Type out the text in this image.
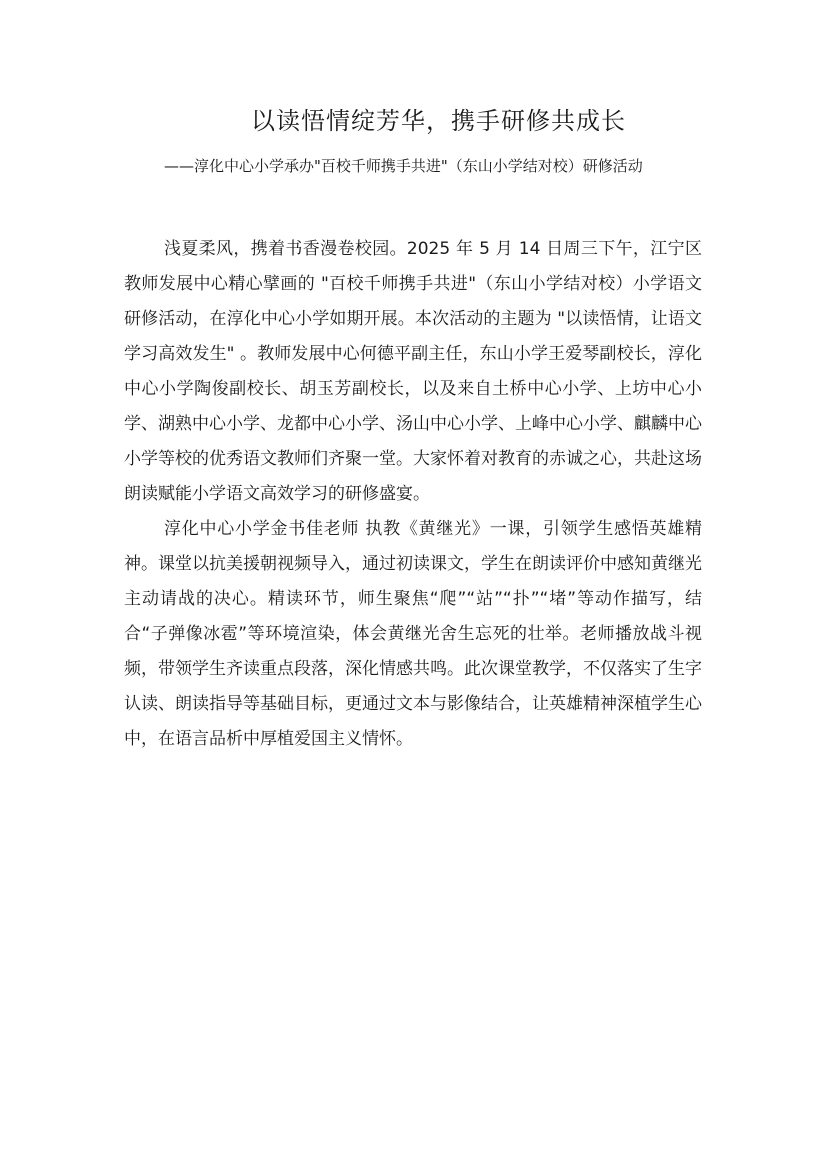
以读悟情绽芳华，携手研修共成长
——淳化中心小学承办"百校千师携手共进"（东山小学结对校）研修活动

浅夏柔风，携着书香漫卷校园。2025 年 5 月 14 日周三下午，江宁区教师发展中心精心擘画的 "百校千师携手共进"（东山小学结对校）小学语文研修活动，在淳化中心小学如期开展。本次活动的主题为 "以读悟情，让语文学习高效发生" 。教师发展中心何德平副主任，东山小学王爱琴副校长，淳化中心小学陶俊副校长、胡玉芳副校长，以及来自土桥中心小学、上坊中心小学、湖熟中心小学、龙都中心小学、汤山中心小学、上峰中心小学、麒麟中心小学等校的优秀语文教师们齐聚一堂。大家怀着对教育的赤诚之心，共赴这场朗读赋能小学语文高效学习的研修盛宴。

淳化中心小学金书佳老师 执教《黄继光》一课，引领学生感悟英雄精神。课堂以抗美援朝视频导入，通过初读课文，学生在朗读评价中感知黄继光主动请战的决心。精读环节，师生聚焦“爬”“站”“扑”“堵”等动作描写，结合“子弹像冰雹”等环境渲染，体会黄继光舍生忘死的壮举。老师播放战斗视频，带领学生齐读重点段落，深化情感共鸣。此次课堂教学，不仅落实了生字认读、朗读指导等基础目标，更通过文本与影像结合，让英雄精神深植学生心中，在语言品析中厚植爱国主义情怀。
